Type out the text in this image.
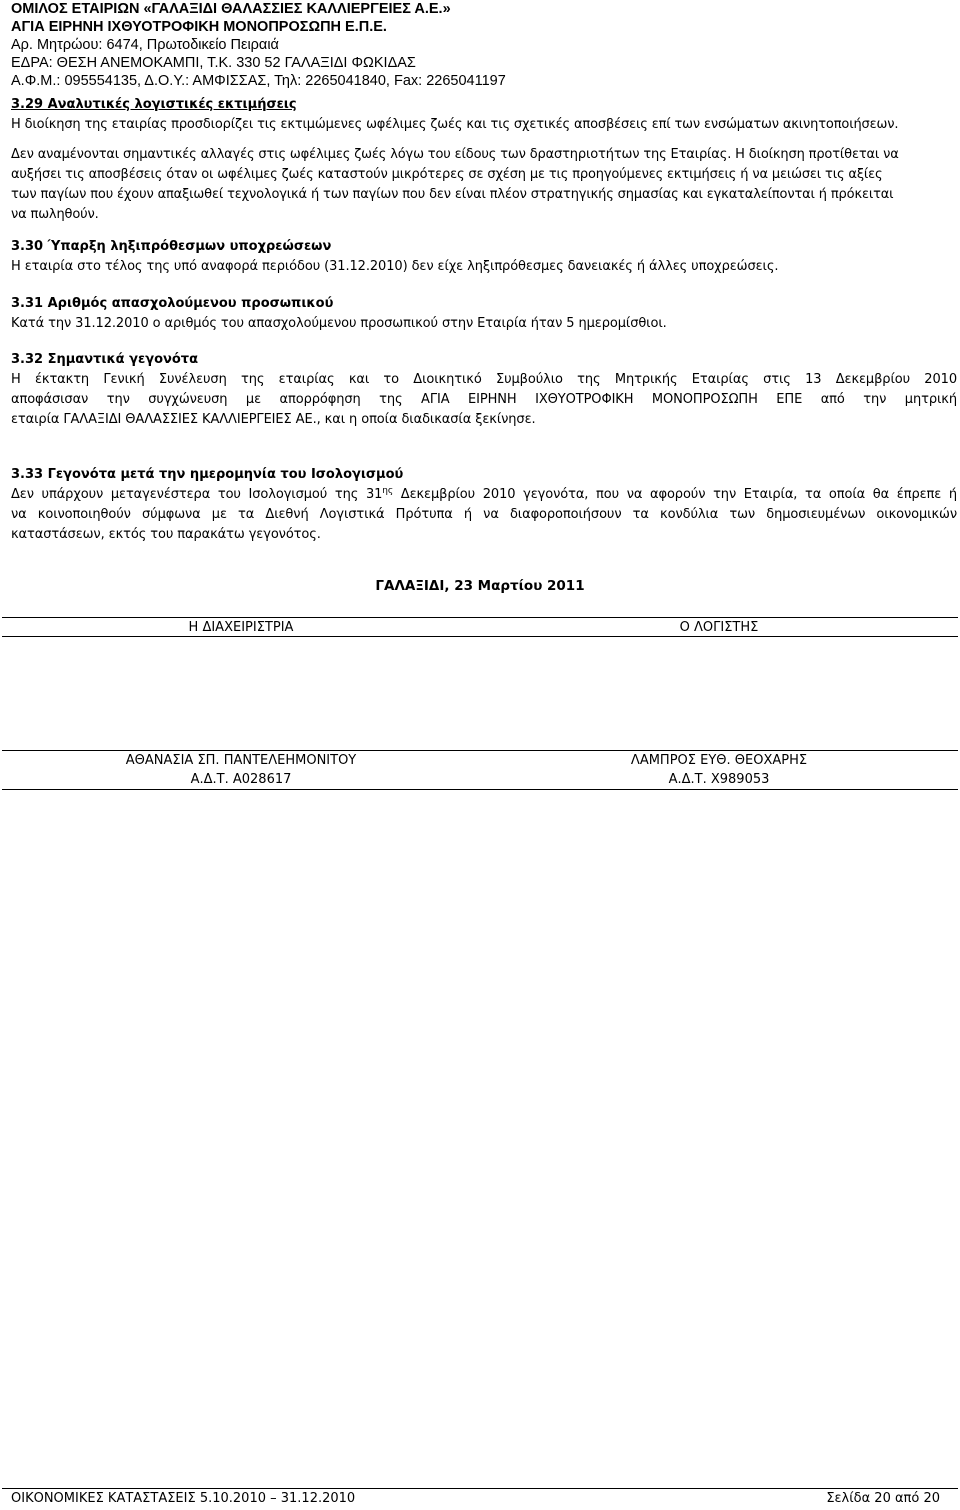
ΟΜΙΛΟΣ ΕΤΑΙΡΙΩΝ «ΓΑΛΑΞΙΔΙ ΘΑΛΑΣΣΙΕΣ ΚΑΛΛΙΕΡΓΕΙΕΣ Α.Ε.»
ΑΓΙΑ ΕΙΡΗΝΗ ΙΧΘΥΟΤΡΟΦΙΚΗ ΜΟΝΟΠΡΟΣΩΠΗ Ε.Π.Ε.
Αρ. Μητρώου: 6474, Πρωτοδικείο Πειραιά
ΕΔΡΑ: ΘΕΣΗ ΑΝΕΜΟΚΑΜΠΙ, Τ.Κ. 330 52 ΓΑΛΑΞΙΔΙ ΦΩΚΙΔΑΣ
Α.Φ.Μ.: 095554135, Δ.Ο.Υ.: ΑΜΦΙΣΣΑΣ, Τηλ: 2265041840, Fax: 2265041197
3.29 Αναλυτικές λογιστικές εκτιμήσεις
Η διοίκηση της εταιρίας προσδιορίζει τις εκτιμώμενες ωφέλιμες ζωές και τις σχετικές αποσβέσεις επί των ενσώματων ακινητοποιήσεων.
Δεν αναμένονται σημαντικές αλλαγές στις ωφέλιμες ζωές λόγω του είδους των δραστηριοτήτων της Εταιρίας. Η διοίκηση προτίθεται να
αυξήσει τις αποσβέσεις όταν οι ωφέλιμες ζωές καταστούν μικρότερες σε σχέση με τις προηγούμενες εκτιμήσεις ή να μειώσει τις αξίες
των παγίων που έχουν απαξιωθεί τεχνολογικά ή των παγίων που δεν είναι πλέον στρατηγικής σημασίας και εγκαταλείπονται ή πρόκειται
να πωληθούν.
3.30 Ύπαρξη ληξιπρόθεσμων υποχρεώσεων
Η εταιρία στο τέλος της υπό αναφορά περιόδου (31.12.2010) δεν είχε ληξιπρόθεσμες δανειακές ή άλλες υποχρεώσεις.
3.31 Αριθμός απασχολούμενου προσωπικού
Κατά την 31.12.2010 ο αριθμός του απασχολούμενου προσωπικού στην Εταιρία ήταν 5 ημερομίσθιοι.
3.32 Σημαντικά γεγονότα
Η έκτακτη Γενική Συνέλευση της εταιρίας και το Διοικητικό Συμβούλιο της Μητρικής Εταιρίας στις 13 Δεκεμβρίου 2010
αποφάσισαν την συγχώνευση με απορρόφηση της ΑΓΙΑ ΕΙΡΗΝΗ ΙΧΘΥΟΤΡΟΦΙΚΗ ΜΟΝΟΠΡΟΣΩΠΗ ΕΠΕ από την μητρική
εταιρία ΓΑΛΑΞΙΔΙ ΘΑΛΑΣΣΙΕΣ ΚΑΛΛΙΕΡΓΕΙΕΣ ΑΕ., και η οποία διαδικασία ξεκίνησε.
3.33 Γεγονότα μετά την ημερομηνία του Ισολογισμού
Δεν υπάρχουν μεταγενέστερα του Ισολογισμού της $31^{\eta\varsigma}$ Δεκεμβρίου 2010 γεγονότα, που να αφορούν την Εταιρία, τα οποία θα έπρεπε ή
να κοινοποιηθούν σύμφωνα με τα Διεθνή Λογιστικά Πρότυπα ή να διαφοροποιήσουν τα κονδύλια των δημοσιευμένων οικονομικών
καταστάσεων, εκτός του παρακάτω γεγονότος.
ΓΑΛΑΞΙΔΙ, 23 Μαρτίου 2011
Η ΔΙΑΧΕΙΡΙΣΤΡΙΑ	Ο ΛΟΓΙΣΤΗΣ
ΑΘΑΝΑΣΙΑ ΣΠ. ΠΑΝΤΕΛΕΗΜΟΝΙΤΟΥ	ΛΑΜΠΡΟΣ ΕΥΘ. ΘΕΟΧΑΡΗΣ
Α.Δ.Τ. Α028617	Α.Δ.Τ. Χ989053
ΟΙΚΟΝΟΜΙΚΕΣ ΚΑΤΑΣΤΑΣΕΙΣ 5.10.2010 – 31.12.2010	Σελίδα 20 από 20
